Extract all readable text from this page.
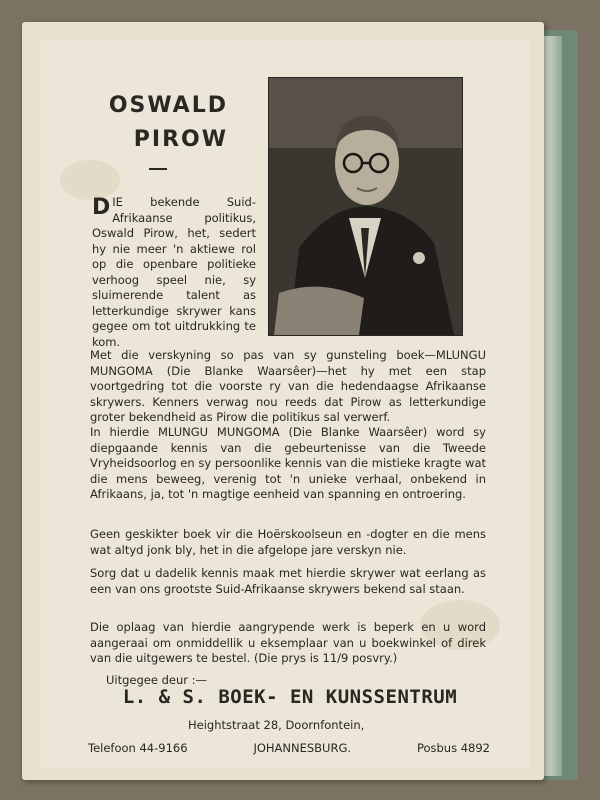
OSWALD
PIROW

DIE bekende Suid-Afrikaanse politikus, Oswald Pirow, het, sedert hy nie meer 'n aktiewe rol op die openbare politieke verhoog speel nie, sy sluimerende talent as letterkundige skrywer kans gegee om tot uitdrukking te kom.

Met die verskyning so pas van sy gunsteling boek—MLUNGU MUNGOMA (Die Blanke Waarsêer)—het hy met een stap voortgedring tot die voorste ry van die hedendaagse Afrikaanse skrywers. Kenners verwag nou reeds dat Pirow as letterkundige groter bekendheid as Pirow die politikus sal verwerf.

In hierdie MLUNGU MUNGOMA (Die Blanke Waarsêer) word sy diepgaande kennis van die gebeurtenisse van die Tweede Vryheidsoorlog en sy persoonlike kennis van die mistieke kragte wat die mens beweeg, verenig tot 'n unieke verhaal, onbekend in Afrikaans, ja, tot 'n magtige eenheid van spanning en ontroering.

Geen geskikter boek vir die Hoërskoolseun en -dogter en die mens wat altyd jonk bly, het in die afgelope jare verskyn nie.

Sorg dat u dadelik kennis maak met hierdie skrywer wat eerlang as een van ons grootste Suid-Afrikaanse skrywers bekend sal staan.

Die oplaag van hierdie aangrypende werk is beperk en u word aangeraai om onmiddellik u eksemplaar van u boekwinkel of direk van die uitgewers te bestel. (Die prys is 11/9 posvry.)

Uitgegee deur :—

L. & S. BOEK- EN KUNSSENTRUM

Heightstraat 28, Doornfontein,

Telefoon 44-9166	JOHANNESBURG.	Posbus 4892
